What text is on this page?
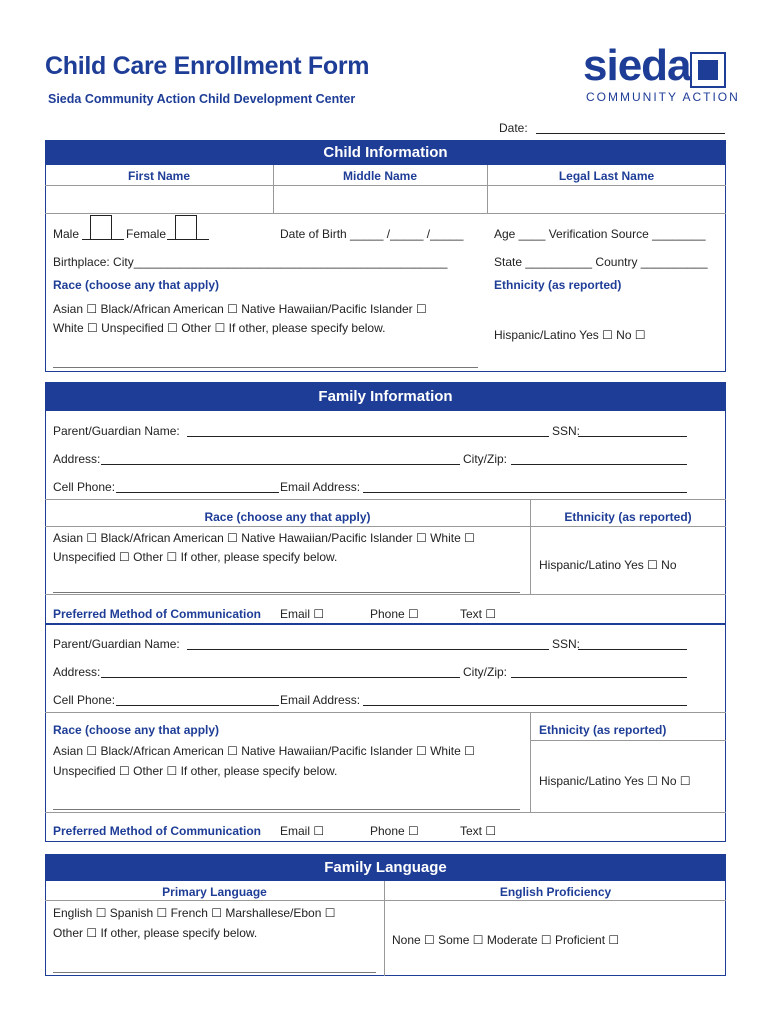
Child Care Enrollment Form
Sieda Community Action Child Development Center
sieda
COMMUNITY ACTION
Date:
Child Information
First Name	Middle Name	Legal Last Name
Male	Female	Date of Birth _____ /_____ /_____	Age ____ Verification Source ________
Birthplace: City_______________________________________________	State __________ Country __________
Race (choose any that apply)	Ethnicity (as reported)
Asian ☐ Black/African American ☐ Native Hawaiian/Pacific Islander ☐
White ☐ Unspecified ☐ Other ☐ If other, please specify below.	Hispanic/Latino Yes ☐ No ☐
Family Information
Parent/Guardian Name:	SSN:
Address:	City/Zip:
Cell Phone:	Email Address:
Race (choose any that apply)	Ethnicity (as reported)
Asian ☐ Black/African American ☐ Native Hawaiian/Pacific Islander ☐ White ☐
Unspecified ☐ Other ☐ If other, please specify below.
Hispanic/Latino Yes ☐ No
Preferred Method of Communication Email ☐	Phone ☐	Text ☐
Parent/Guardian Name:	SSN:
Address:	City/Zip:
Cell Phone:	Email Address:
Race (choose any that apply)	Ethnicity (as reported)
Asian ☐ Black/African American ☐ Native Hawaiian/Pacific Islander ☐ White ☐
Unspecified ☐ Other ☐ If other, please specify below.
Hispanic/Latino Yes ☐ No ☐
Preferred Method of Communication Email ☐	Phone ☐	Text ☐
Family Language
Primary Language	English Proficiency
English ☐ Spanish ☐ French ☐ Marshallese/Ebon ☐
Other ☐ If other, please specify below.	None ☐ Some ☐ Moderate ☐ Proficient ☐
